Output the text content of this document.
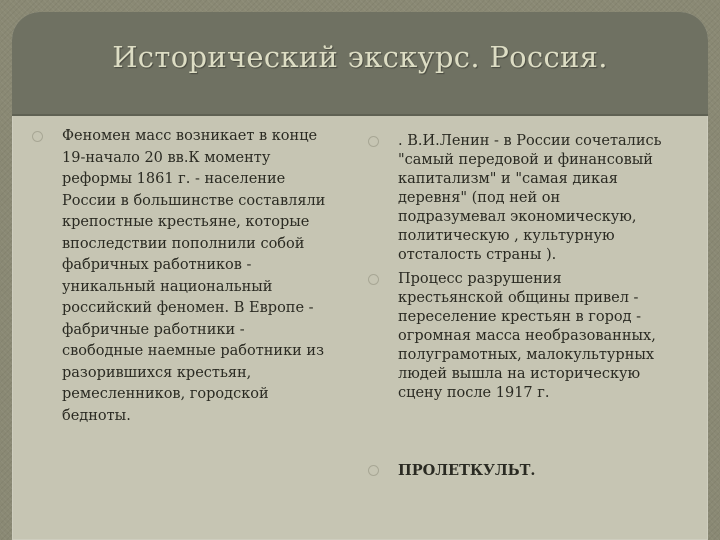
Исторический экскурс. Россия.

Феномен масс возникает в конце
19-начало 20 вв.К моменту
реформы 1861 г. - население
России в большинстве составляли
крепостные крестьяне, которые
впоследствии пополнили собой
фабричных работников -
уникальный национальный
российский феномен. В Европе -
фабричные работники -
свободные наемные работники из
разорившихся крестьян,
ремесленников, городской
бедноты.

. В.И.Ленин - в России сочетались
"самый передовой и финансовый
капитализм" и "самая дикая
деревня" (под ней он
подразумевал экономическую,
политическую , культурную
отсталость страны ).

Процесс разрушения
крестьянской общины привел -
переселение крестьян в город -
огромная масса необразованных,
полуграмотных, малокультурных
людей вышла на историческую
сцену после 1917 г.

ПРОЛЕТКУЛЬТ.
